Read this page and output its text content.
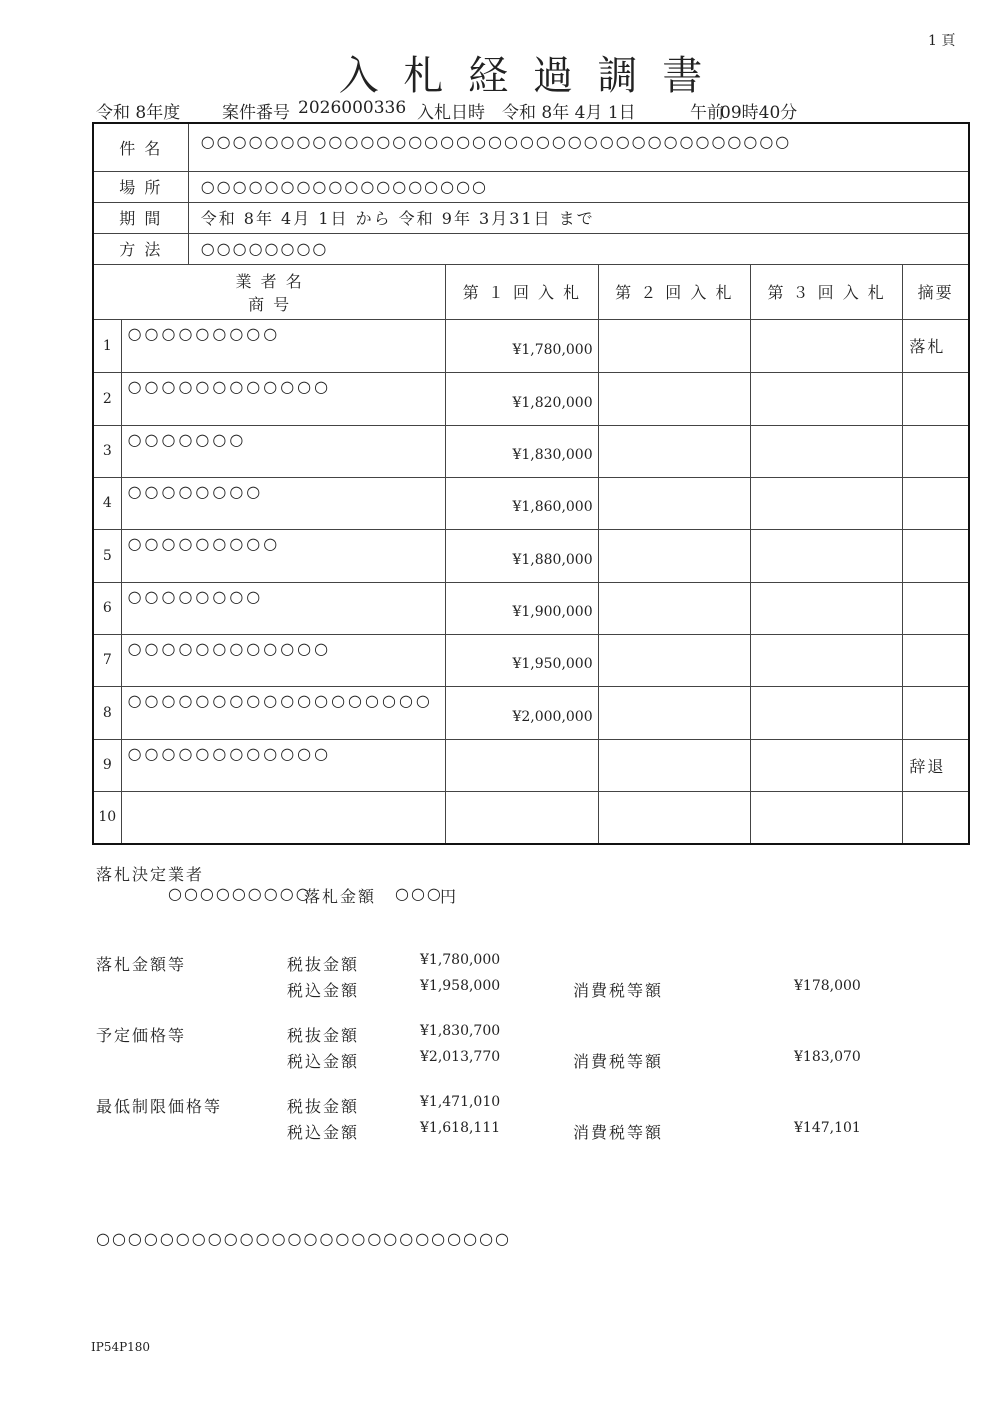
1 頁
入 札 経 過 調 書
令和 8年度 案件番号 2026000336 入札日時 令和 8年 4月 1日	午前
09時40分
件 名		○○○○○○○○○○○○○○○○○○○○○○○○○○○○○○○○○○○○○				
場 所		○○○○○○○○○○○○○○○○○○				
期 間		令和 8年 4月 1日 から 令和 9年 3月31日 まで				
方 法		○○○○○○○○				

業 者 名
商 号			第 １ 回 入 札	第 ２ 回 入 札	第 ３ 回 入 札	摘要
1	○○○○○○○○○		¥1,780,000			落札
2	○○○○○○○○○○○○		¥1,820,000			
3	○○○○○○○		¥1,830,000			
4	○○○○○○○○		¥1,860,000			
5	○○○○○○○○○		¥1,880,000			
6	○○○○○○○○		¥1,900,000			
7	○○○○○○○○○○○○		¥1,950,000			
8	○○○○○○○○○○○○○○○○○○		¥2,000,000			
9	○○○○○○○○○○○○					辞退
10						
落札決定業者
○○○○○○○○○
落札金額 ○○○
円
落札金額等	税抜金額	¥1,780,000
税込金額	¥1,958,000	消費税等額	¥178,000
予定価格等	税抜金額	¥1,830,700
税込金額	¥2,013,770	消費税等額	¥183,070
最低制限価格等	税抜金額	¥1,471,010
税込金額	¥1,618,111	消費税等額	¥147,101
○○○○○○○○○○○○○○○○○○○○○○○○○○
IP54P180
